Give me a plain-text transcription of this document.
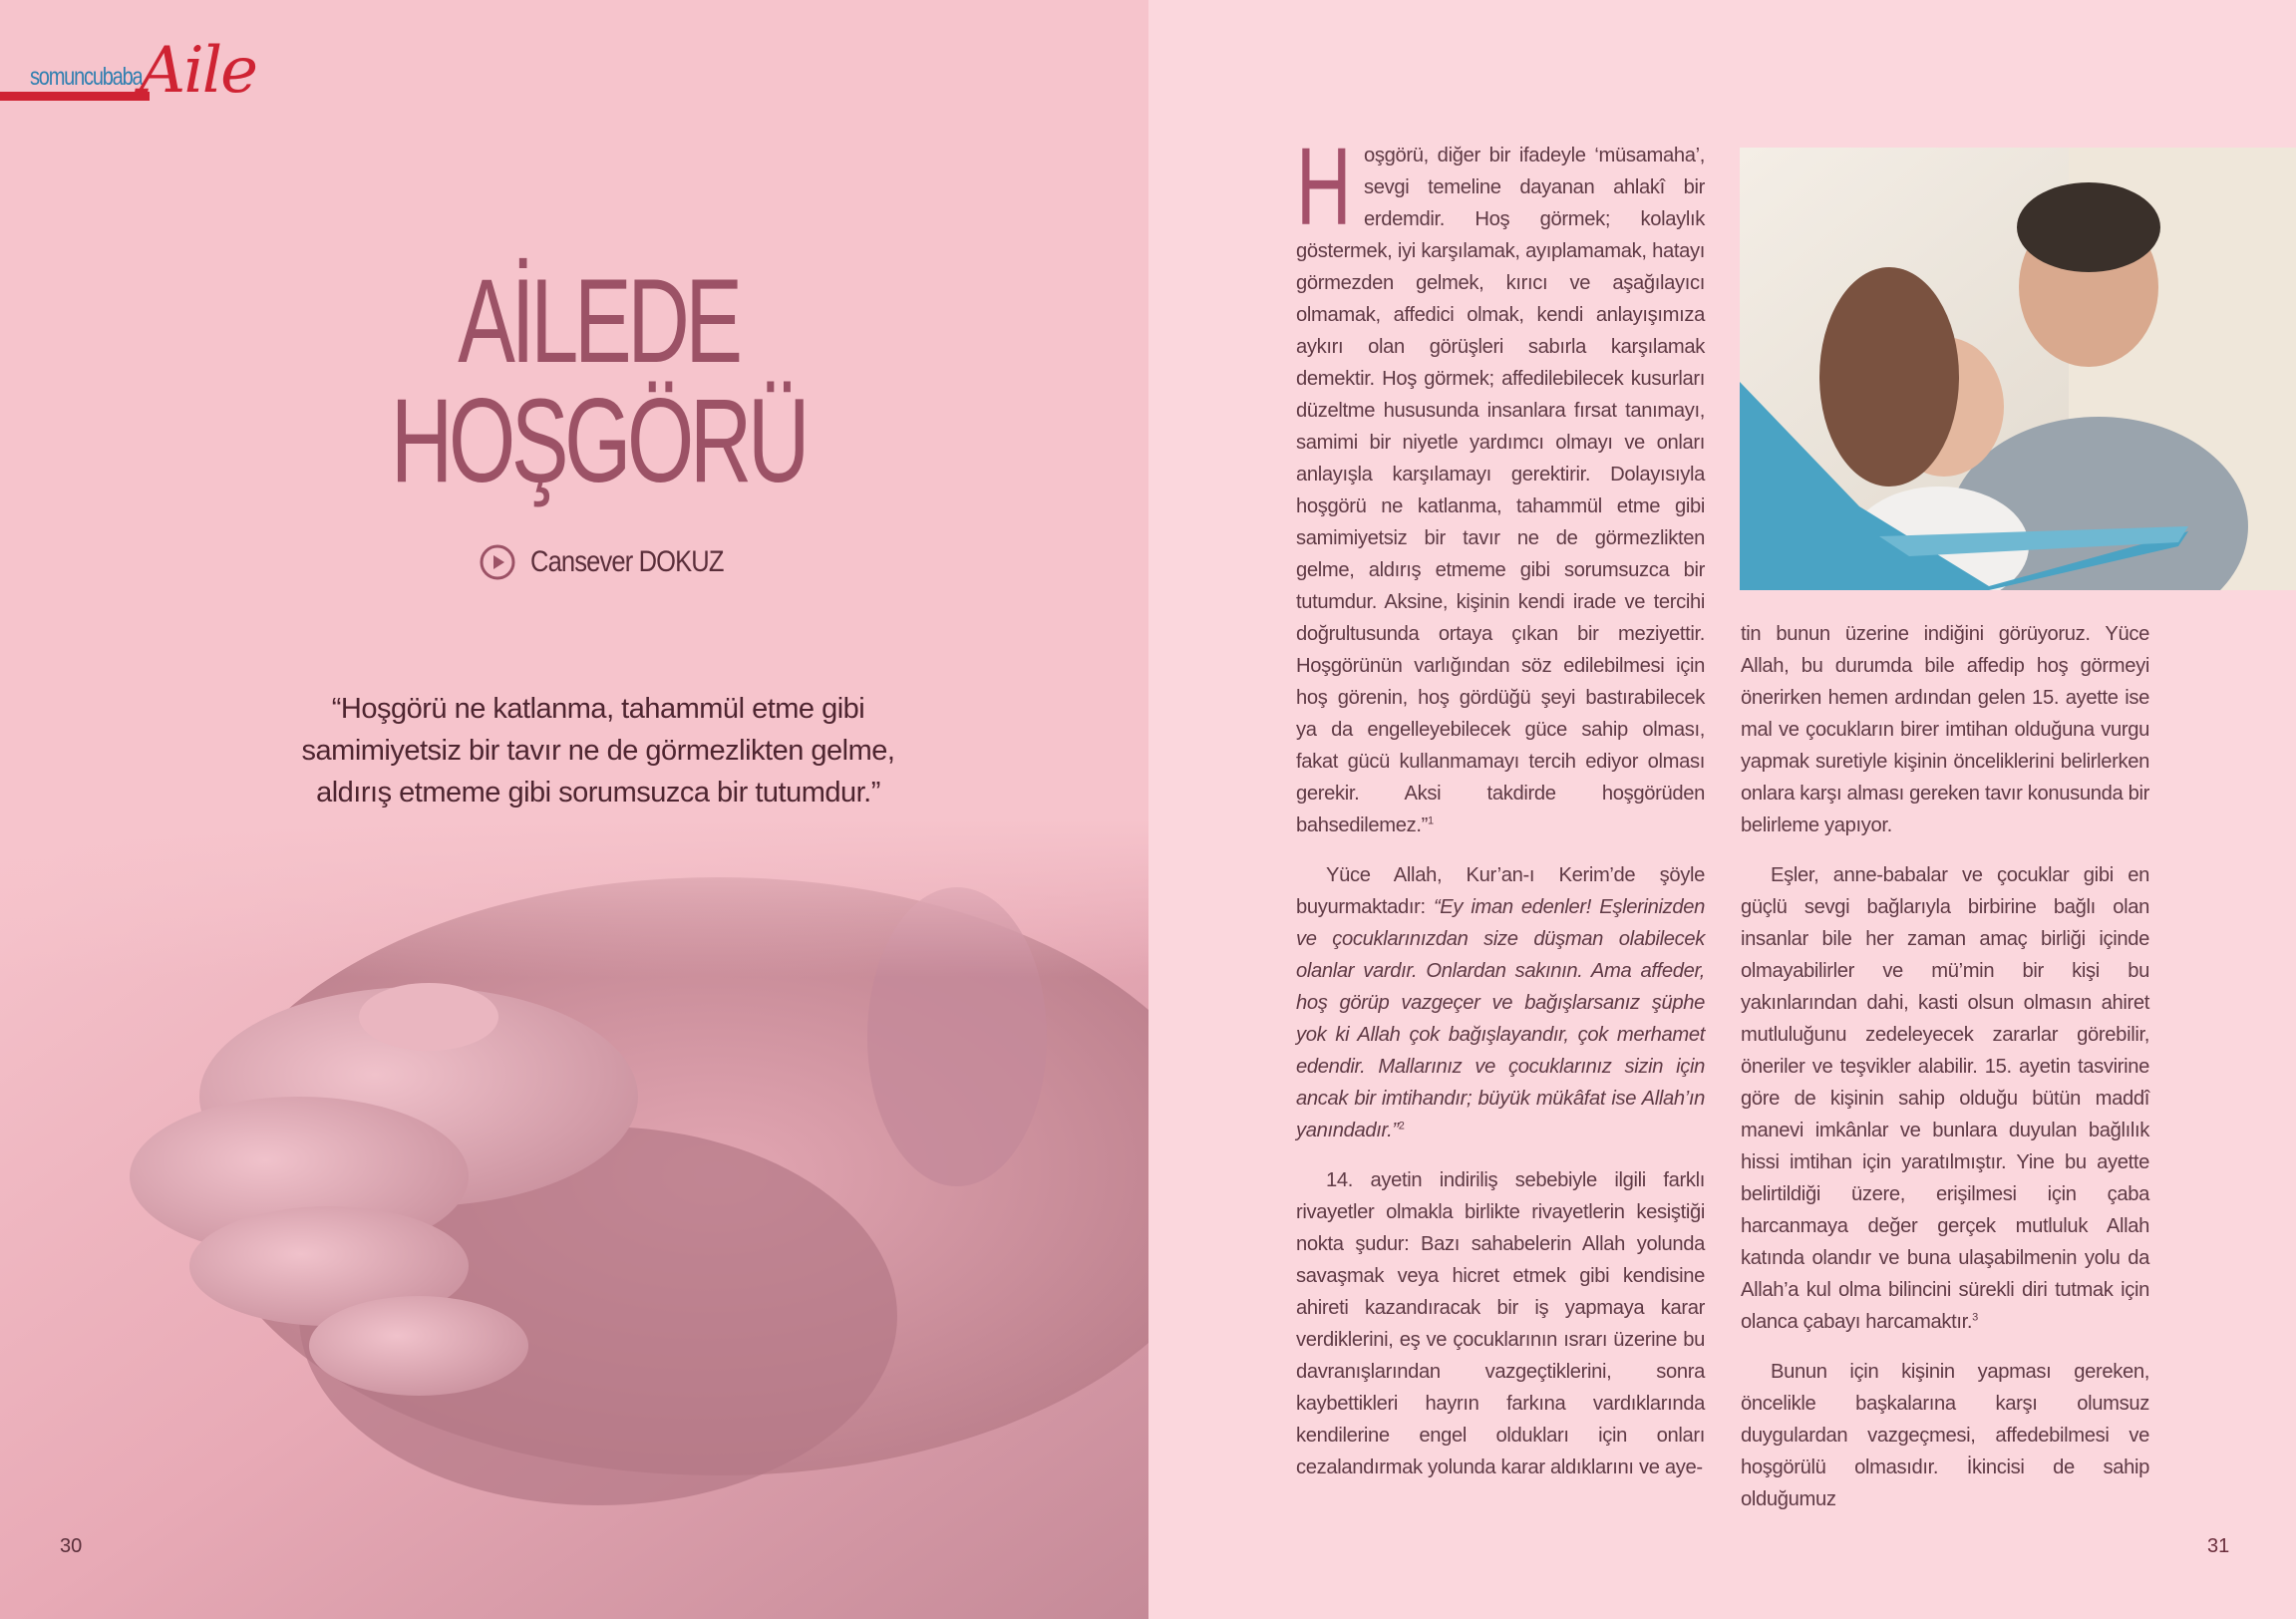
somuncubaba
Aile
AİLEDE HOŞGÖRÜ
Cansever DOKUZ

“Hoşgörü ne katlanma, tahammül etme gibi
samimiyetsiz bir tavır ne de görmezlikten gelme,
aldırış etmeme gibi sorumsuzca bir tutumdur.”

30	31

Hoşgörü, diğer bir ifadeyle ‘müsamaha’, sevgi temeline dayanan ahlakî bir erdemdir. Hoş görmek; kolaylık göstermek, iyi karşılamak, ayıplamamak, hatayı görmezden gelmek, kırıcı ve aşağılayıcı olmamak, affedici olmak, kendi anlayışımıza aykırı olan görüşleri sabırla karşılamak demektir. Hoş görmek; affedilebilecek kusurları düzeltme hususunda insanlara fırsat tanımayı, samimi bir niyetle yardımcı olmayı ve onları anlayışla karşılamayı gerektirir. Dolayısıyla hoşgörü ne katlanma, tahammül etme gibi samimiyetsiz bir tavır ne de görmezlikten gelme, aldırış etmeme gibi sorumsuzca bir tutumdur. Aksine, kişinin kendi irade ve tercihi doğrultusunda ortaya çıkan bir meziyettir. Hoşgörünün varlığından söz edilebilmesi için hoş görenin, hoş gördüğü şeyi bastırabilecek ya da engelleyebilecek güce sahip olması, fakat gücü kullanmamayı tercih ediyor olması gerekir. Aksi takdirde hoşgörüden bahsedilemez.”$^1$

Yüce Allah, Kur’an-ı Kerim’de şöyle buyurmaktadır: “Ey iman edenler! Eşlerinizden ve çocuklarınızdan size düşman olabilecek olanlar vardır. Onlardan sakının. Ama affeder, hoş görüp vazgeçer ve bağışlarsanız şüphe yok ki Allah çok bağışlayandır, çok merhamet edendir. Mallarınız ve çocuklarınız sizin için ancak bir imtihandır; büyük mükâfat ise Allah’ın yanındadır.”$^2$

14. ayetin indiriliş sebebiyle ilgili farklı rivayetler olmakla birlikte rivayetlerin kesiştiği nokta şudur: Bazı sahabelerin Allah yolunda savaşmak veya hicret etmek gibi kendisine ahireti kazandıracak bir iş yapmaya karar verdiklerini, eş ve çocuklarının ısrarı üzerine bu davranışlarından vazgeçtiklerini, sonra kaybettikleri hayrın farkına vardıklarında kendilerine engel oldukları için onları cezalandırmak yolunda karar aldıklarını ve aye-

tin bunun üzerine indiğini görüyoruz. Yüce Allah, bu durumda bile affedip hoş görmeyi önerirken hemen ardından gelen 15. ayette ise mal ve çocukların birer imtihan olduğuna vurgu yapmak suretiyle kişinin önceliklerini belirlerken onlara karşı alması gereken tavır konusunda bir belirleme yapıyor.

Eşler, anne-babalar ve çocuklar gibi en güçlü sevgi bağlarıyla birbirine bağlı olan insanlar bile her zaman amaç birliği içinde olmayabilirler ve mü’min bir kişi bu yakınlarından dahi, kasti olsun olmasın ahiret mutluluğunu zedeleyecek zararlar görebilir, öneriler ve teşvikler alabilir. 15. ayetin tasvirine göre de kişinin sahip olduğu bütün maddî manevi imkânlar ve bunlara duyulan bağlılık hissi imtihan için yaratılmıştır. Yine bu ayette belirtildiği üzere, erişilmesi için çaba harcanmaya değer gerçek mutluluk Allah katında olandır ve buna ulaşabilmenin yolu da Allah’a kul olma bilincini sürekli diri tutmak için olanca çabayı harcamaktır.$^3$

Bunun için kişinin yapması gereken, öncelikle başkalarına karşı olumsuz duygulardan vazgeçmesi, affedebilmesi ve hoşgörülü olmasıdır. İkincisi de sahip olduğumuz
